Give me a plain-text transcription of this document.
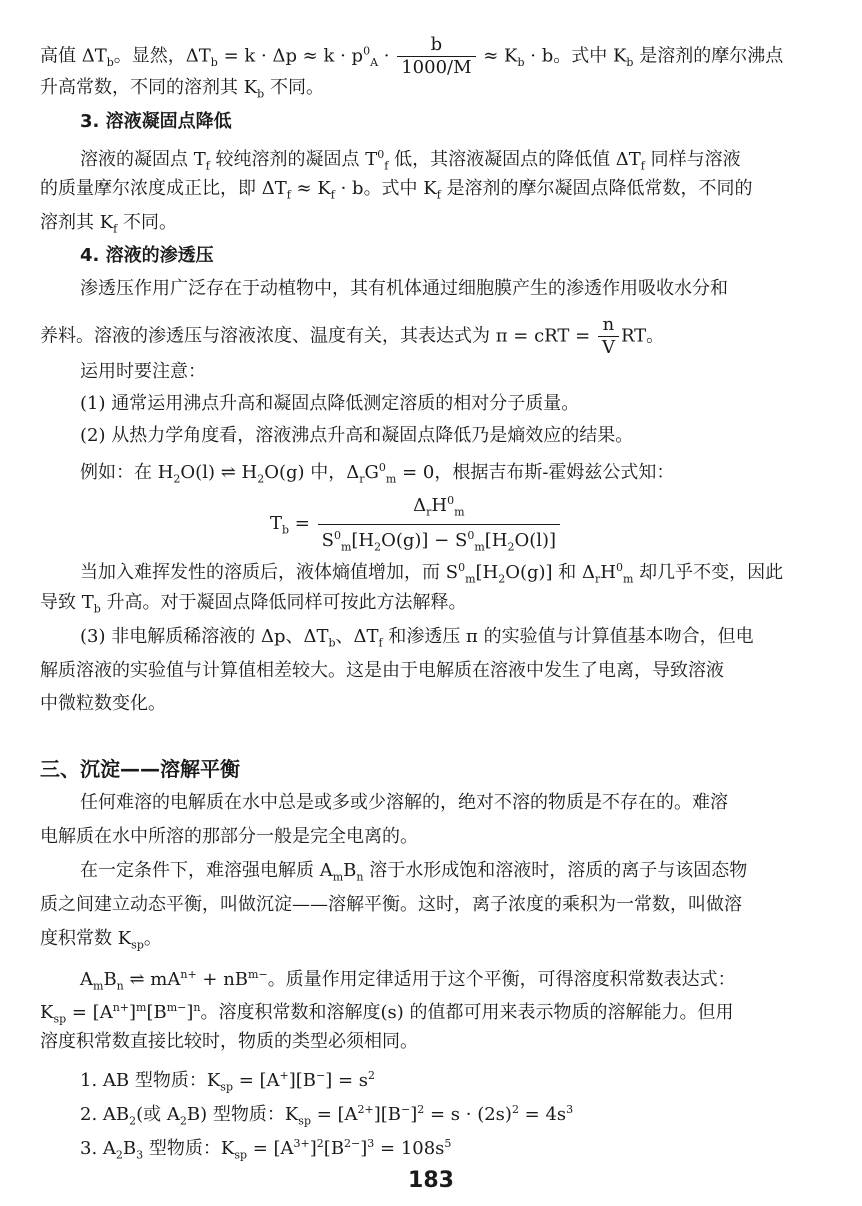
高值 $\Delta T_b$。显然，$\Delta T_b = k \cdot \Delta p \approx k \cdot p^0_A \cdot \frac{b}{1000/M} \approx K_b \cdot b$。式中 $K_b$ 是溶剂的摩尔沸点
升高常数，不同的溶剂其 $K_b$ 不同。
3. 溶液凝固点降低
溶液的凝固点 $T_f$ 较纯溶剂的凝固点 $T^0_f$ 低，其溶液凝固点的降低值 $\Delta T_f$ 同样与溶液
的质量摩尔浓度成正比，即 $\Delta T_f \approx K_f \cdot b$。式中 $K_f$ 是溶剂的摩尔凝固点降低常数，不同的
溶剂其 $K_f$ 不同。
4. 溶液的渗透压
渗透压作用广泛存在于动植物中，其有机体通过细胞膜产生的渗透作用吸收水分和
养料。溶液的渗透压与溶液浓度、温度有关，其表达式为 π = cRT = $\frac{n}{V}$ RT。
运用时要注意：
(1) 通常运用沸点升高和凝固点降低测定溶质的相对分子质量。
(2) 从热力学角度看，溶液沸点升高和凝固点降低乃是熵效应的结果。
例如：在 $H_2O(l)$ ⇌ $H_2O(g)$ 中，$\Delta_rG^0_m = 0$，根据吉布斯-霍姆兹公式知：
$T_b = \frac{\Delta_rH^0_m}{S^0_m[H_2O(g)] - S^0_m[H_2O(l)]}$
当加入难挥发性的溶质后，液体熵值增加，而 $S^0_m[H_2O(g)]$ 和 $\Delta_rH^0_m$ 却几乎不变，因此
导致 $T_b$ 升高。对于凝固点降低同样可按此方法解释。
(3) 非电解质稀溶液的 Δp、$\Delta T_b$、$\Delta T_f$ 和渗透压 π 的实验值与计算值基本吻合，但电
解质溶液的实验值与计算值相差较大。这是由于电解质在溶液中发生了电离，导致溶液
中微粒数变化。
三、沉淀——溶解平衡
任何难溶的电解质在水中总是或多或少溶解的，绝对不溶的物质是不存在的。难溶
电解质在水中所溶的那部分一般是完全电离的。
在一定条件下，难溶强电解质 $A_mB_n$ 溶于水形成饱和溶液时，溶质的离子与该固态物
质之间建立动态平衡，叫做沉淀——溶解平衡。这时，离子浓度的乘积为一常数，叫做溶
度积常数 $K_{sp}$。
$A_mB_n$ ⇌ $mA^{n+} + nB^{m-}$。质量作用定律适用于这个平衡，可得溶度积常数表达式：
$K_{sp} = [A^{n+}]^m[B^{m-}]^n$。溶度积常数和溶解度(s) 的值都可用来表示物质的溶解能力。但用
溶度积常数直接比较时，物质的类型必须相同。
1. AB 型物质：$K_{sp} = [A^+][B^-] = s^2$
2. $AB_2$(或 $A_2B$) 型物质：$K_{sp} = [A^{2+}][B^-]^2 = s \cdot (2s)^2 = 4s^3$
3. $A_2B_3$ 型物质：$K_{sp} = [A^{3+}]^2[B^{2-}]^3 = 108s^5$
183
